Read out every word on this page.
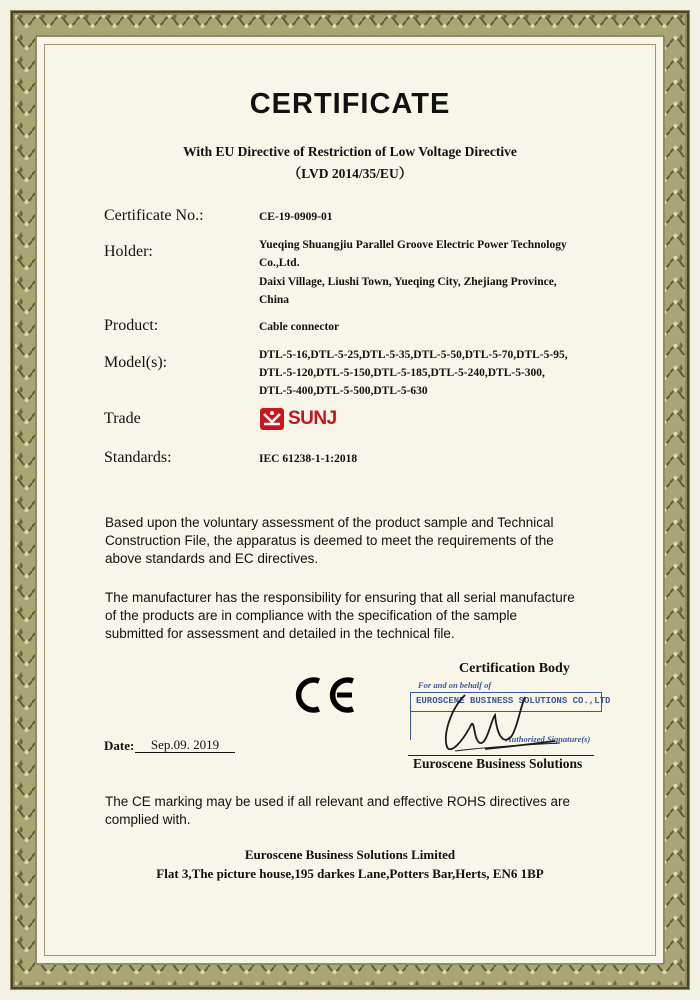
CERTIFICATE
With EU Directive of Restriction of Low Voltage Directive
（LVD 2014/35/EU）
Certificate No.:	CE-19-0909-01
Holder:	Yueqing Shuangjiu Parallel Groove Electric Power Technology
Co.,Ltd.
Daixi Village, Liushi Town, Yueqing City, Zhejiang Province,
China
Product:	Cable connector
Model(s):	DTL-5-16,DTL-5-25,DTL-5-35,DTL-5-50,DTL-5-70,DTL-5-95,
DTL-5-120,DTL-5-150,DTL-5-185,DTL-5-240,DTL-5-300,
DTL-5-400,DTL-5-500,DTL-5-630
Trade	SUNJ
Standards:	IEC 61238-1-1:2018
Based upon the voluntary assessment of the product sample and Technical
Construction File, the apparatus is deemed to meet the requirements of the
above standards and EC directives.
The manufacturer has the responsibility for ensuring that all serial manufacture
of the products are in compliance with the specification of the sample
submitted for assessment and detailed in the technical file.
Certification Body
For and on behalf of
EUROSCENE BUSINESS SOLUTIONS CO.,LTD
Authorized Signature(s)
Euroscene Business Solutions
Date:	Sep.09. 2019
The CE marking may be used if all relevant and effective ROHS directives are
complied with.
Euroscene Business Solutions Limited
Flat 3,The picture house,195 darkes Lane,Potters Bar,Herts, EN6 1BP
